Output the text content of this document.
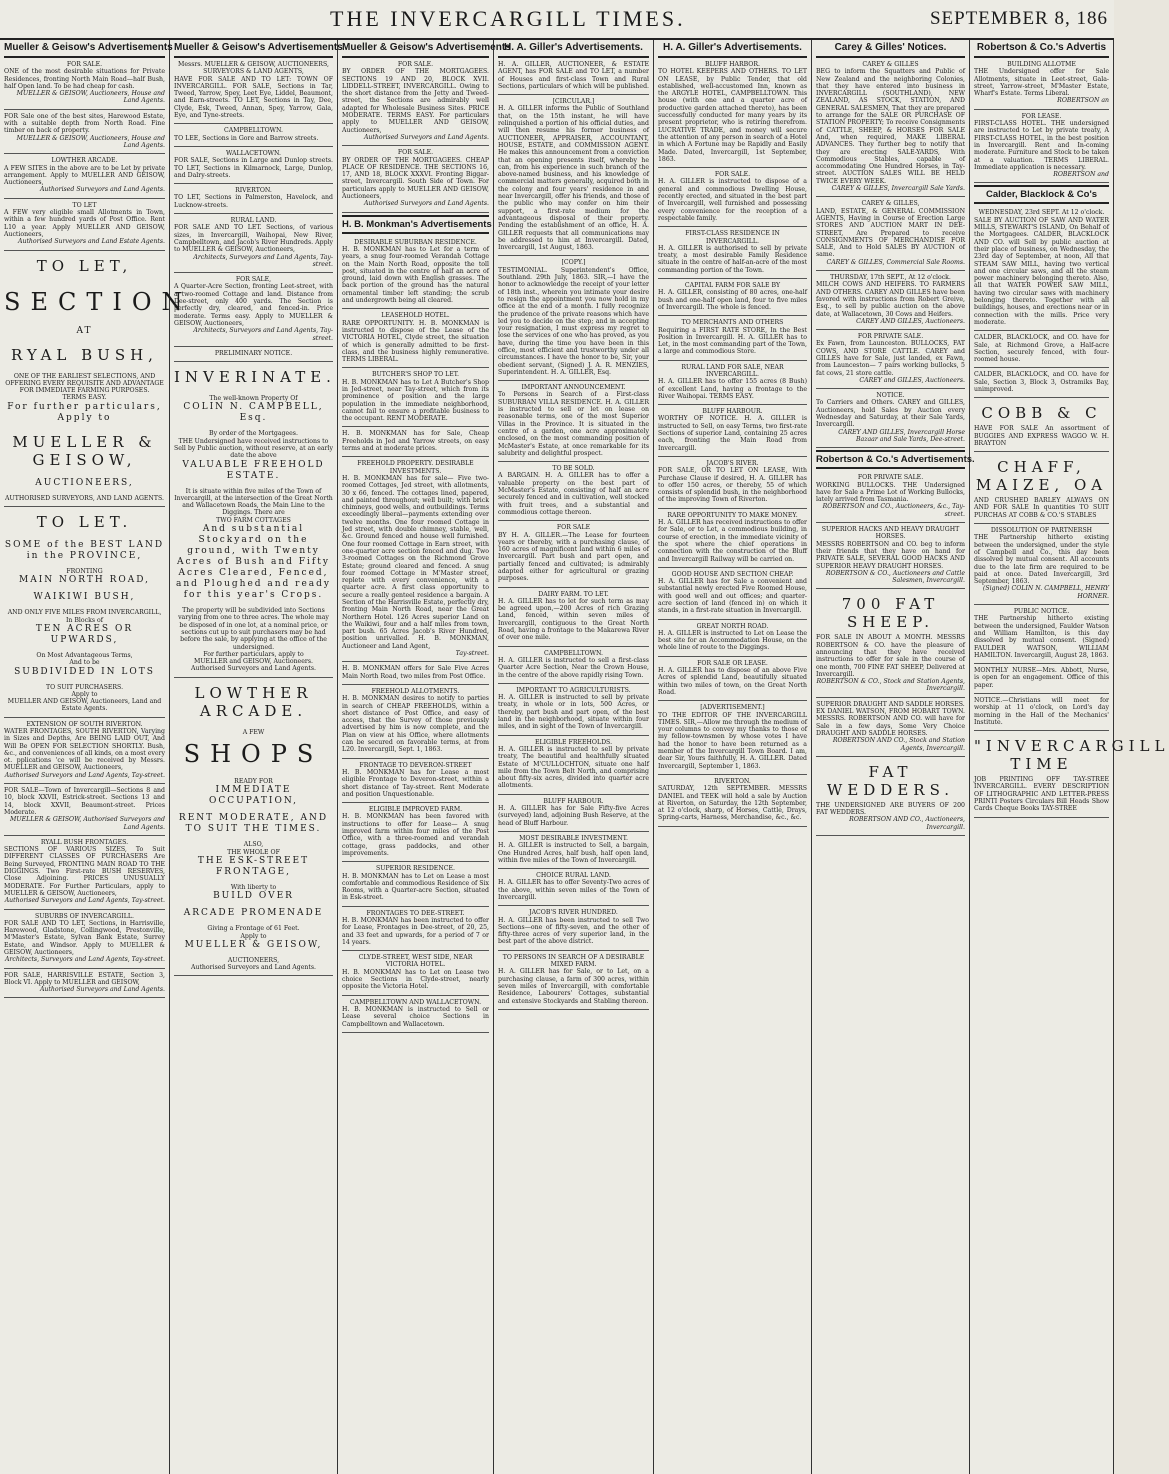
THE INVERCARGILL TIMES.	SEPTEMBER 8, 186
Mueller & Geisow's Advertisements
FOR SALE.
ONE of the most desirable situations for Private Residences, fronting North Main Road—half Bush, half Open land. To be had cheap for cash.
MUELLER & GEISOW, Auctioneers, House and Land Agents.
FOR Sale one of the best sites, Harewood Estate, with a suitable depth from North Road. Fine timber on back of property.
MUELLER & GEISOW, Auctioneers, House and Land Agents.
LOWTHER ARCADE.
A FEW SITES in the above are to be Let by private arrangement. Apply to MUELLER AND GEISOW, Auctioneers,
Authorised Surveyors and Land Agents.
TO LET
A FEW very eligible small Allotments in Town, within a few hundred yards of Post Office. Rent L10 a year. Apply MUELLER AND GEISOW, Auctioneers,
Authorised Surveyors and Land Estate Agents.
TO LET,
SECTION
AT
RYAL BUSH,
ONE OF THE EARLIEST SELECTIONS, AND OFFERING EVERY REQUISITE AND ADVANTAGE FOR IMMEDIATE FARMING PURPOSES.
TERMS EASY.
For further particulars, Apply to
MUELLER & GEISOW,
AUCTIONEERS,
AUTHORISED SURVEYORS, AND LAND AGENTS.
TO LET.
SOME of the BEST LAND in the PROVINCE,
FRONTING
MAIN NORTH ROAD,
WAIKIWI BUSH,
AND ONLY FIVE MILES FROM INVERCARGILL,
In Blocks of
TEN ACRES OR UPWARDS,
On Most Advantageous Terms,
And to be
SUBDIVIDED IN LOTS
TO SUIT PURCHASERS.
Apply to
MUELLER AND GEISOW, Auctioneers, Land and Estate Agents.
EXTENSION OF SOUTH RIVERTON.
WATER FRONTAGES, SOUTH RIVERTON, Varying in Sizes and Depths, Are BEING LAID OUT, And Will Be OPEN FOR SELECTION SHORTLY. Bush, &c., and conveniences of all kinds, on a most every ot. pplications 'ce will be received by Messrs. MUELLER and GEISOW, Auctioneers,
Authorised Surveyors and Land Agents, Tay-street.
FOR SALE—Town of Invercargill—Sections 8 and 10, block XXVII, Estrick-street. Sections 13 and 14, block XXVII, Beaumont-street. Prices Moderate.
MUELLER & GEISOW, Authorised Surveyors and Land Agents.
RYALL BUSH FRONTAGES.
SECTIONS OF VARIOUS SIZES, To Suit DIFFERENT CLASSES OF PURCHASERS Are Being Surveyed, FRONTING MAIN ROAD TO THE DIGGINGS. Two First-rate BUSH RESERVES, Close Adjoining. PRICES UNUSUALLY MODERATE. For Further Particulars, apply to MUELLER & GEISOW, Auctioneers,
Authorised Surveyors and Land Agents, Tay-street.
SUBURBS OF INVERCARGILL.
FOR SALE AND TO LET, Sections, in Harrisville, Harewood, Gladstone, Collingwood, Prestonville, M'Master's Estate, Sylvan Bank Estate, Surrey Estate, and Windsor. Apply to MUELLER & GEISOW, Auctioneers,
Architects, Surveyors and Land Agents, Tay-street.
FOR SALE, HARRISVILLE ESTATE, Section 3, Block VI. Apply to MUELLER and GEISOW,
Authorised Surveyors and Land Agents.
Mueller & Geisow's Advertisements
Messrs. MUELLER & GEISOW, AUCTIONEERS, SURVEYORS & LAND AGENTS,
HAVE FOR SALE AND TO LET: TOWN OF INVERCARGILL. FOR SALE, Sections in Tar, Tweed, Yarrow, Spey, Leet Eye, Liddel, Beaumont, and Earn-streets. TO LET, Sections in Tay, Dee, Clyde, Esk, Tweed, Annan, Spey, Yarrow, Gala, Eye, and Tyne-streets.
CAMPBELLTOWN.
TO LEE, Sections in Gore and Barrow streets.
WALLACETOWN.
FOR SALE, Sections in Large and Dunlop streets. TO LET, Sections in Kilmarnock, Large, Dunlop, and Dalry-streets.
RIVERTON.
TO LET, Sections in Palmerston, Havelock, and Lucknow-streets.
RURAL LAND.
FOR SALE AND TO LET. Sections, of various sizes, in Invercargill, Waihopai, New River, Campbelltown, and Jacob's River Hundreds. Apply to MUELLER & GEISOW, Auctioneers,
Architects, Surveyors and Land Agents, Tay-street.
FOR SALE,
A Quarter-Acre Section, fronting Leet-street, with a two-roomed Cottage and land. Distance from Dee-street, only 400 yards. The Section is perfectly dry, cleared, and fenced-in. Price moderate. Terms easy. Apply to MUELLER & GEISOW, Auctioneers,
Architects, Surveyors and Land Agents, Tay-street.
PRELIMINARY NOTICE.
INVERINATE.
The well-known Property Of
COLIN N. CAMPBELL, Esq.
By order of the Mortgagees.
THE Undersigned have received instructions to Sell by Public auction, without reserve, at an early date the above
VALUABLE FREEHOLD ESTATE.
It is situate within five miles of the Town of Invercargill, at the intersection of the Great North and Wallacetown Roads, the Main Line to the Diggings. There are
TWO FARM COTTAGES
And substantial Stockyard on the ground, with Twenty Acres of Bush and Fifty Acres Cleared, Fenced, and Ploughed and ready for this year's Crops.
The property will be subdivided into Sections varying from one to three acres. The whole may be disposed of in one lot, at a nominal price, or sections cut up to suit purchasers may be had before the sale, by applying at the office of the undersigned.
For further particulars, apply to
MUELLER and GEISOW, Auctioneers.
Authorised Surveyors and Land Agents.
LOWTHER ARCADE.
A FEW
SHOPS
READY FOR
IMMEDIATE OCCUPATION,
RENT MODERATE, AND TO SUIT THE TIMES.
ALSO,
THE WHOLE OF
THE ESK-STREET FRONTAGE,
With liberty to
BUILD OVER
ARCADE PROMENADE
Giving a Frontage of 61 Feet.
Apply to
MUELLER & GEISOW,
AUCTIONEERS,
Authorised Surveyors and Land Agents.
Mueller & Geisow's Advertisements
FOR SALE.
BY ORDER OF THE MORTGAGEES. SECTIONS 19 AND 20, BLOCK XVII. LIDDELL-STREET, INVERCARGILL. Owing to the short distance from the Jetty and Tweed-street, the Sections are admirably well adapted for Wholesale Business Sites. PRICE MODERATE. TERMS EASY. For particulars apply to MUELLER AND GEISOW, Auctioneers,
Authorised Surveyors and Land Agents.
FOR SALE.
BY ORDER OF THE MORTGAGEES. CHEAP PLACE OF RESIDENCE. THE SECTIONS 16, 17, AND 18, BLOCK XXXVI. Fronting Biggar-street, Invercargill. South Side of Town. For particulars apply to MUELLER AND GEISOW, Auctioneers,
Authorised Surveyors and Land Agents.
H. B. Monkman's Advertisements
DESIRABLE SUBURBAN RESIDENCE.
H. B. MONKMAN has to Let for a term of years, a snug four-roomed Verandah Cottage on the Main North Road, opposite the toll post, situated in the centre of half an acre of ground, laid down with English grasses. The back portion of the ground has the natural ornamental timber left standing; the scrub and undergrowth being all cleared.
LEASEHOLD HOTEL.
RARE OPPORTUNITY. H. B. MONKMAN is instructed to dispose of the Lease of the VICTORIA HOTEL, Clyde street, the situation of which is generally admitted to be first-class, and the business highly remunerative. TERMS LIBERAL.
BUTCHER'S SHOP TO LET.
H. B. MONKMAN has to Let A Butcher's Shop in Jed-street, near Tay-street, which from its prominence of position and the large population in the immediate neighborhood, cannot fail to ensure a profitable business to the occupant. RENT MODERATE.
H. B. MONKMAN has for Sale, Cheap Freeholds in Jed and Yarrow streets, on easy terms and at moderate prices.
FREEHOLD PROPERTY. DESIRABLE INVESTMENTS.
H. B. MONKMAN has for sale— Five two-roomed Cottages, Jed street, with allotments, 30 x 66, fenced. The cottages lined, papered, and painted throughout; well built; with brick chimneys, good wells, and outbuildings. Terms exceedingly liberal—payments extending over twelve months. One four roomed Cottage in Jed street, with double chimney, stable, well, &c. Ground fenced and house well furnished. One four roomed Cottage in Earn street, with one-quarter acre section fenced and dug. Two 3-roomed Cottages on the Richmond Grove Estate; ground cleared and fenced. A snug four roomed Cottage in M'Master street, replete with every convenience, with a quarter acre. A first class opportunity to secure a really genteel residence a bargain. A Section of the Harrisville Estate, perfectly dry, fronting Main North Road, near the Great Northern Hotel. 126 Acres superior Land on the Waikiwi, four and a half miles from town, part bush. 65 Acres Jacob's River Hundred, position unrivalled. H. B. MONKMAN, Auctioneer and Land Agent,
Tay-street.
H. B. MONKMAN offers for Sale Five Acres Main North Road, two miles from Post Office.
FREEHOLD ALLOTMENTS.
H. B. MONKMAN desires to notify to parties in search of CHEAP FREEHOLDS, within a short distance of Post Office, and easy of access, that the Survey of those previously advertised by him is now complete, and the Plan on view at his Office, where allotments can be secured on favorable terms, at from L20. Invercargill, Sept. 1, 1863.
FRONTAGE TO DEVERON-STREET
H. B. MONKMAN has for Lease a most eligible Frontage to Deveron-street, within a short distance of Tay-street. Rent Moderate and position Unquestionable.
ELIGIBLE IMPROVED FARM.
H. B. MONKMAN has been favored with instructions to offer for Lease— A snug improved farm within four miles of the Post Office, with a three-roomed and verandah cottage, grass paddocks, and other improvements.
SUPERIOR RESIDENCE.
H. B. MONKMAN has to Let on Lease a most comfortable and commodious Residence of Six Rooms, with a Quarter-acre Section, situated in Esk-street.
FRONTAGES TO DEE-STREET.
H. B. MONKMAN has been instructed to offer for Lease, Frontages in Dee-street, of 20, 25, and 33 feet and upwards, for a period of 7 or 14 years.
CLYDE-STREET, WEST SIDE, NEAR VICTORIA HOTEL.
H. B. MONKMAN has to Let on Lease two choice Sections in Clyde-street, nearly opposite the Victoria Hotel.
CAMPBELLTOWN AND WALLACETOWN.
H. B. MONKMAN is instructed to Sell or Lease several choice Sections in Campbelltown and Wallacetown.
H. A. Giller's Advertisements.
H. A. GILLER, AUCTIONEER, & ESTATE AGENT, has FOR SALE and TO LET, a number of Houses and first-class Town and Rural Sections, particulars of which will be published.
[CIRCULAR.]
H. A. GILLER informs the Public of Southland that, on the 15th instant, he will have relinquished a portion of his official duties, and will then resume his former business of AUCTIONEER, APPRAISER, ACCOUNTANT, HOUSE, ESTATE, and COMMISSION AGENT. He makes this announcement from a conviction that an opening presents itself, whereby he can, from his experience in such branch of the above-named business, and his knowledge of commercial matters generally, acquired both in the colony and four years' residence in and near Invercargill, offer his friends, and those of the public who may confer on him their support, a first-rate medium for the advantageous disposal of their property. Pending the establishment of an office, H. A. GILLER requests that all communications may be addressed to him at Invercargill. Dated, Invercargill, 1st August, 1863.
[COPY.]
TESTIMONIAL. Superintendent's Office, Southland. 29th July, 1863. SIR,—I have the honor to acknowledge the receipt of your letter of 18th inst., wherein you intimate your desire to resign the appointment you now hold in my office at the end of a month. I fully recognize the prudence of the private reasons which have led you to decide on the step; and in accepting your resignation, I must express my regret to lose the services of one who has proved, as you have, during the time you have been in this office, most efficient and trustworthy under all circumstances. I have the honor to be, Sir, your obedient servant, (Signed) J. A. R. MENZIES, Superintendent. H. A. GILLER, Esq.
IMPORTANT ANNOUNCEMENT.
To Persons in Search of a First-class SUBURBAN VILLA RESIDENCE. H. A. GILLER is instructed to sell or let on lease on reasonable terms, one of the most Superior Villas in the Province. It is situated in the centre of a garden, one acre approximately enclosed, on the most commanding position of McMaster's Estate, at once remarkable for its salubrity and delightful prospect.
TO BE SOLD.
A BARGAIN. H. A. GILLER has to offer a valuable property on the best part of McMaster's Estate, consisting of half an acre securely fenced and in cultivation, well stocked with fruit trees, and a substantial and commodious cottage thereon.
FOR SALE
BY H. A. GILLER.—The Lease for fourteen years or thereby, with a purchasing clause, of 160 acres of magnificent land within 6 miles of Invercargill. Part bush and part open, and partially fenced and cultivated; is admirably adapted either for agricultural or grazing purposes.
DAIRY FARM. TO LET.
H. A. GILLER has to let for such term as may be agreed upon,—200 Acres of rich Grazing Land, fenced, within seven miles of Invercargill, contiguous to the Great North Road, having a frontage to the Makarewa River of over one mile.
CAMPBELLTOWN.
H. A. GILLER is instructed to sell a first-class Quarter Acre Section, Near the Crown House, in the centre of the above rapidly rising Town.
IMPORTANT TO AGRICULTURISTS.
H. A. GILLER is instructed to sell by private treaty, in whole or in lots, 500 Acres, or thereby, part bush and part open, of the best land in the neighborhood, situate within four miles, and in sight of the Town of Invercargill.
ELIGIBLE FREEHOLDS.
H. A. GILLER is instructed to sell by private treaty, The beautiful and healthfully situated Estate of M'CULLOCHTON, situate one half mile from the Town Belt North, and comprising about fifty-six acres, divided into quarter acre allotments.
BLUFF HARBOUR.
H. A. GILLER has for Sale Fifty-five Acres (surveyed) land, adjoining Bush Reserve, at the head of Bluff Harbour.
MOST DESIRABLE INVESTMENT.
H. A. GILLER is instructed to Sell, a bargain, One Hundred Acres, half bush, half open land, within five miles of the Town of Invercargill.
CHOICE RURAL LAND.
H. A. GILLER has to offer Seventy-Two acres of the above, within seven miles of the Town of Invercargill.
JACOB'S RIVER HUNDRED.
H. A. GILLER has been instructed to sell Two Sections—one of fifty-seven, and the other of fifty-three acres of very superior land, in the best part of the above district.
TO PERSONS IN SEARCH OF A DESIRABLE MIXED FARM.
H. A. GILLER has for Sale, or to Let, on a purchasing clause, a farm of 300 acres, within seven miles of Invercargill, with comfortable Residence, Labourers' Cottages, substantial and extensive Stockyards and Stabling thereon.
H. A. Giller's Advertisements.
BLUFF HARBOR.
TO HOTEL KEEPERS AND OTHERS. TO LET ON LEASE, by Public Tender, that old established, well-accustomed Inn, known as the ARGYLE HOTEL, CAMPBELLTOWN. This house (with one and a quarter acre of productive garden attached thereto), has been successfully conducted for many years by its present proprietor, who is retiring therefrom. LUCRATIVE TRADE, and money will secure the attention of any person in search of a Hotel in which A Fortune may be Rapidly and Easily Made. Dated, Invercargill, 1st September, 1863.
FOR SALE.
H. A. GILLER is instructed to dispose of a general and commodious Dwelling House, recently erected, and situated in the best part of Invercargill, well furnished and possessing every convenience for the reception of a respectable family.
FIRST-CLASS RESIDENCE IN INVERCARGILL.
H. A. GILLER is authorised to sell by private treaty, a most desirable Family Residence situate in the centre of half-an-acre of the most commanding portion of the Town.
CAPITAL FARM FOR SALE BY
H. A. GILLER, consisting of 80 acres, one-half bush and one-half open land, four to five miles of Invercargill. The whole is fenced.
TO MERCHANTS AND OTHERS
Requiring a FIRST RATE STORE, In the Best Position in Invercargill. H. A. GILLER has to Let, in the most commanding part of the Town, a large and commodious Store.
RURAL LAND FOR SALE, NEAR INVERCARGILL.
H. A. GILLER has to offer 155 acres (8 Bush) of excellent Land, having a frontage to the River Waihopai. TERMS EASY.
BLUFF HARBOUR.
WORTHY OF NOTICE. H. A. GILLER is instructed to Sell, on easy Terms, two first-rate Sections of superior Land, containing 25 acres each, fronting the Main Road from Invercargill.
JACOB'S RIVER.
FOR SALE, OR TO LET ON LEASE, With Purchase Clause if desired, H. A. GILLER has to offer 150 acres, or thereby, 55 of which consists of splendid bush, in the neighborhood of the improving Town of Riverton.
RARE OPPORTUNITY TO MAKE MONEY.
H. A. GILLER has received instructions to offer for Sale, or to Let, a commodious building, in course of erection, in the immediate vicinity of the spot where the chief operations in connection with the construction of the Bluff and Invercargill Railway will be carried on.
GOOD HOUSE AND SECTION CHEAP.
H. A. GILLER has for Sale a convenient and substantial newly erected Five Roomed House, with good well and out offices; and quarter-acre section of land (fenced in) on which it stands, in a first-rate situation in Invercargill.
GREAT NORTH ROAD.
H. A. GILLER is instructed to Let on Lease the best site for an Accommodation House, on the whole line of route to the Diggings.
FOR SALE OR LEASE.
H. A. GILLER has to dispose of an above Five Acres of splendid Land, beautifully situated within two miles of town, on the Great North Road.
[ADVERTISEMENT.]
TO THE EDITOR OF THE INVERCARGILL TIMES. SIR,—Allow me through the medium of your columns to convey my thanks to those of my fellow-townsmen by whose votes I have had the honor to have been returned as a member of the Invercargill Town Board. I am, dear Sir, Yours faithfully, H. A. GILLER. Dated Invercargill, September 1, 1863.
RIVERTON.
SATURDAY, 12th SEPTEMBER. MESSRS DANIEL and TEEK will hold a sale by Auction at Riverton, on Saturday, the 12th September, at 12 o'clock, sharp, of Horses, Cattle, Drays, Spring-carts, Harness, Merchandise, &c., &c.
Carey & Gilles' Notices.
CAREY & GILLES
BEG to inform the Squatters and Public of New Zealand and the neighboring Colonies, that they have entered into business in INVERCARGILL (SOUTHLAND), NEW ZEALAND, AS STOCK, STATION, AND GENERAL SALESMEN, That they are prepared to arrange for the SALE OR PURCHASE OF STATION PROPERTY; To receive Consignments of CATTLE, SHEEP, & HORSES FOR SALE And, when required, MAKE LIBERAL ADVANCES. They further beg to notify that they are erecting SALE-YARDS, With Commodious Stables, capable of accommodating One Hundred Horses, in Tay-street. AUCTION SALES WILL BE HELD TWICE EVERY WEEK.
CAREY & GILLES, Invercargill Sale Yards.
CAREY & GILLES,
LAND, ESTATE, & GENERAL COMMISSION AGENTS, Having in Course of Erection Large STORES AND AUCTION MART IN DEE-STREET, Are Prepared to receive CONSIGNMENTS OF MERCHANDISE FOR SALE, And to Hold SALES BY AUCTION of same.
CAREY & GILLES, Commercial Sale Rooms.
THURSDAY, 17th SEPT., At 12 o'clock.
MILCH COWS AND HEIFERS. TO FARMERS AND OTHERS. CAREY AND GILLES have been favored with instructions from Robert Greive, Esq., to sell by public auction on the above date, at Wallacetown, 30 Cows and Heifers.
CAREY AND GILLES, Auctioneers.
FOR PRIVATE SALE.
Ex Fawn, from Launceston. BULLOCKS, FAT COWS, AND STORE CATTLE. CAREY and GILLES have for Sale, just landed, ex Fawn, from Launceston— 7 pairs working bullocks, 5 fat cows, 21 store cattle.
CAREY and GILLES, Auctioneers.
NOTICE.
To Carriers and Others. CAREY and GILLES, Auctioneers, hold Sales by Auction every Wednesday and Saturday, at their Sale Yards, Invercargill.
CAREY AND GILLES, Invercargill Horse Bazaar and Sale Yards, Dee-street.
Robertson & Co.'s Advertisements.
FOR PRIVATE SALE.
WORKING BULLOCKS. THE Undersigned have for Sale a Prime Lot of Working Bullocks, lately arrived from Tasmania.
ROBERTSON and CO., Auctioneers, &c., Tay-street.
SUPERIOR HACKS AND HEAVY DRAUGHT HORSES.
MESSRS ROBERTSON and CO. beg to inform their friends that they have on hand for PRIVATE SALE, SEVERAL GOOD HACKS AND SUPERIOR HEAVY DRAUGHT HORSES.
ROBERTSON & CO., Auctioneers and Cattle Salesmen, Invercargill.
700 FAT SHEEP.
FOR SALE IN ABOUT A MONTH. MESSRS ROBERTSON & CO. have the pleasure of announcing that they have received instructions to offer for sale in the course of one month, 700 FINE FAT SHEEP, Delivered at Invercargill.
ROBERTSON & CO., Stock and Station Agents, Invercargill.
SUPERIOR DRAUGHT AND SADDLE HORSES.
EX DANIEL WATSON, FROM HOBART TOWN. MESSRS. ROBERTSON AND CO. will have for Sale in a few days, Some Very Choice DRAUGHT AND SADDLE HORSES.
ROBERTSON AND CO., Stock and Station Agents, Invercargill.
FAT WEDDERS.
THE UNDERSIGNED ARE BUYERS OF 200 FAT WEDDERS.
ROBERTSON AND CO., Auctioneers, Invercargill.
Robertson & Co.'s Advertis
BUILDING ALLOTME
THE Undersigned offer for Sale Allotments, situate in Leet-street, Gala-street, Yarrow-street, M'Master Estate, Wharf's Estate. Terms Liberal.
ROBERTSON an
FOR LEASE.
FIRST-CLASS HOTEL. THE undersigned are instructed to Let by private treaty, A FIRST-CLASS HOTEL, in the best position in Invercargill. Rent and In-coming moderate. Furniture and Stock to be taken at a valuation. TERMS LIBERAL. Immediate application is necessary.
ROBERTSON and
Calder, Blacklock & Co's
WEDNESDAY, 23rd SEPT. At 12 o'clock.
SALE BY AUCTION OF SAW AND WATER MILLS, STEWART'S ISLAND, On Behalf of the Mortgagees. CALDER, BLACKLOCK AND CO. will Sell by public auction at their place of business, on Wednesday, the 23rd day of September, at noon, All that STEAM SAW MILL, having two vertical and one circular saws, and all the steam power machinery belonging thereto. Also, all that WATER POWER SAW MILL, having two circular saws with machinery belonging thereto. Together with all buildings, houses, and erections near or in connection with the mills. Price very moderate.
CALDER, BLACKLOCK, and CO. have for Sale, at Richmond Grove, a Half-acre Section, securely fenced, with four-roomed house.
CALDER, BLACKLOCK, and CO. have for Sale, Section 3, Block 3, Ostramiks Bay, unimproved.
COBB & C
HAVE FOR SALE An assortment of BUGGIES AND EXPRESS WAGGO W. H. BRAYTON
CHAFF, MAIZE, OA
AND CRUSHED BARLEY ALWAYS ON AND FOR SALE In quantities TO SUIT PURCHAS AT COBB & CO.'S STABLES
DISSOLUTION OF PARTNERSH
THE Partnership hitherto existing between the undersigned, under the style of Campbell and Co., this day been dissolved by mutual consent. All accounts due to the late firm are required to be paid at once. Dated Invercargill, 3rd September, 1863.
(Signed) COLIN N. CAMPBELL, HENRY HORNER.
PUBLIC NOTICE.
THE Partnership hitherto existing between the undersigned, Faulder Watson and William Hamilton, is this day dissolved by mutual consent. (Signed) FAULDER WATSON, WILLIAM HAMILTON. Invercargill, August 28, 1863.
MONTHLY NURSE—Mrs. Abbott, Nurse, is open for an engagement. Office of this paper.
NOTICE.—Christians will meet for worship at 11 o'clock, on Lord's day morning in the Hall of the Mechanics' Institute.
"INVERCARGILL TIME
JOB PRINTING OFF TAY-STREE INVERCARGILL. EVERY DESCRIPTION OF LITHOGRAPHIC AND LETTER-PRESS PRINTI Posters Circulars Bill Heads Show Cards Cheque Books TAY-STREE
